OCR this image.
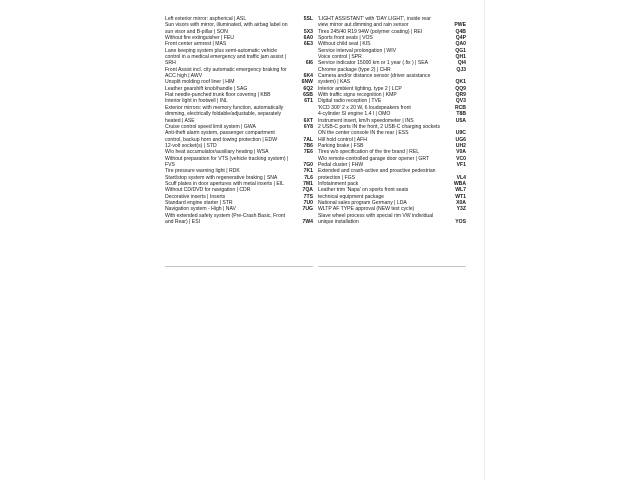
Left exterior mirror: aspherical | ASL	5SL
Sun visors with mirror, illuminated, with airbag label on sun visor and B-pillar | SON	5X3
Without fire extinguisher | FEU	6A0
Front center armrest | MAS	6E3
Lane keeping system plus semi-automatic vehicle control in a medical emergency and traffic jam assist | SRH	6I6
Front Assist incl. city automatic emergency braking for ACC high | AWV	6K4
Unsplit molding roof liner | HIM	6NW
Leather gearshift knob/handle | SAG	6Q2
Flat needle-punched trunk floor covering | KBB	6SB
Interior light in footwell | INL	6T1
Exterior mirrors: with memory function, automatically dimming, electrically foldable/adjustable, separately heated | ASE	6XT
Cruise control speed limit system | GWA	6Y8
Anti-theft alarm system, passenger compartment control, backup horn and towing protection | EDW	7AL
12-volt socket(s) | STD	7B6
W/o heat accumulator/auxiliary heating | WSA	7E6
Without preparation for VTS (vehicle tracking system) | FVS	7G0
Tire pressure warning light | RDK	7K1
Start/stop system with regenerative braking | SNA	7L6
Scuff plates in door apertures with metal inserts | EIL	7M1
Without CD/DVD for navigation | CDR	7QA
Decorative inserts | Inserts	7TS
Standard engine starter | STR	7U0
Navigation system - High | NAV	7UG
With extended safety system (Pre-Crash Basic, Front and Rear) | ESI	7W4
'LIGHT ASSISTANT' with 'DAY LIGHT', inside rear view mirror aut.dimming and rain sensor	PWE
Tires 245/40 R19 94W (polymer coating) | REI	Q4B
Sports front seats | VOS	Q4P
Without child seat | KIS	QA0
Service interval prolongation | WIV	QG1
Voice control | SPR	QH1
Service indicator 15000 km or 1 year (.fix ) | SEA	QI4
Chrome package (type 2) | CHR	QJ3
Camera and/or distance sensor (driver assistance system) | KAS	QK1
Interior ambient lighting, type 2 | LCP	QQ9
With traffic signs recognition | KMP	QR9
Digital radio reception | TVE	QV3
'KCD 300' 2 x 20 W, 6 loudspeakers front	RCB
4-cylinder SI engine 1.4 l | OMO	T8B
Instrument insert, km/h speedometer | INS	U5A
2 USB-C ports IN the front, 2 USB-C charging sockets ON the center console IN the rear | ESS	U9C
Hill hold control | AFH	UG6
Parking brake | FSB	UH2
Tires w/o specification of the tire brand | REL	V0A
W/o remote-controlled garage door opener | GRT	VC0
Pedal cluster | FHW	VF1
Extended and crash-active and proactive pedestrian protection | FGS	VL4
Infotainment pack	WBA
Leather trim 'Napa' on sports front seats	WL7
technical equipment package	WT1
National sales program Germany | LDA	X0A
WLTP AF TYPE approval (NEW test cycle)	Y3Z
Slave wheel process with special rim VW individual unique installation	YOS
